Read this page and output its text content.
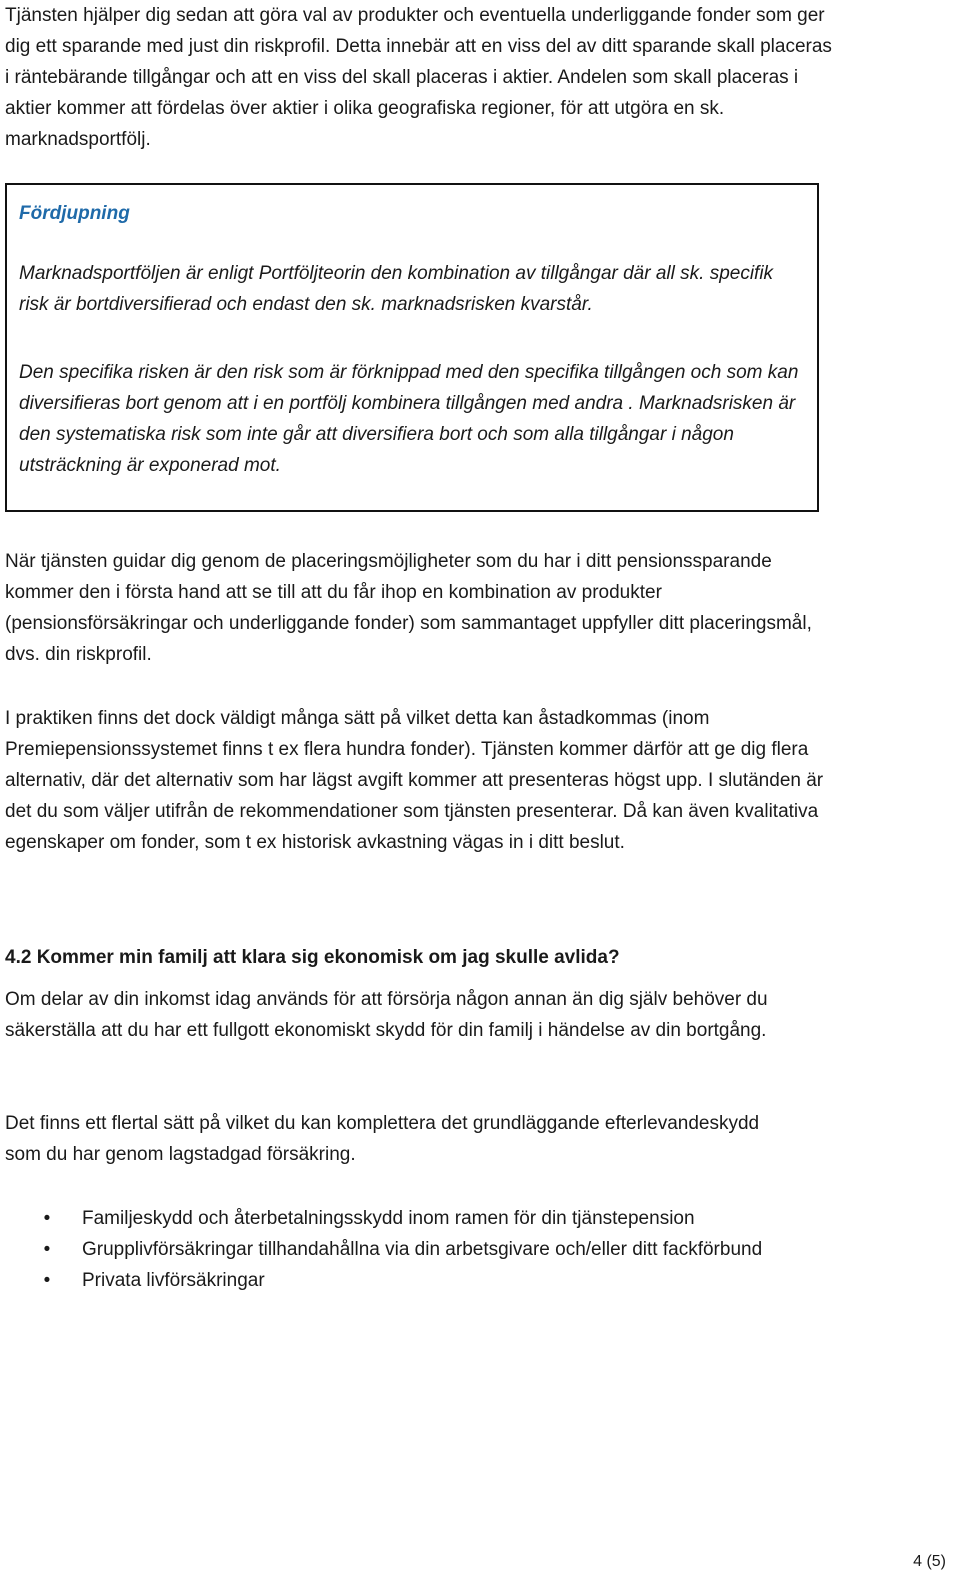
Tjänsten hjälper dig sedan att göra val av produkter och eventuella underliggande fonder som ger dig ett sparande med just din riskprofil. Detta innebär att en viss del av ditt sparande skall placeras i räntebärande tillgångar och att en viss del skall placeras i aktier. Andelen som skall placeras i aktier kommer att fördelas över aktier i olika geografiska regioner, för att utgöra en sk. marknadsportfölj.

Fördjupning

Marknadsportföljen är enligt Portföljteorin den kombination av tillgångar där all sk. specifik risk är bortdiversifierad och endast den sk. marknadsrisken kvarstår.

Den specifika risken är den risk som är förknippad med den specifika tillgången och som kan diversifieras bort genom att i en portfölj kombinera tillgången med andra . Marknadsrisken är den systematiska risk som inte går att diversifiera bort och som alla tillgångar i någon utsträckning är exponerad mot.

När tjänsten guidar dig genom de placeringsmöjligheter som du har i ditt pensionssparande kommer den i första hand att se till att du får ihop en kombination av produkter (pensionsförsäkringar och underliggande fonder) som sammantaget uppfyller ditt placeringsmål, dvs. din riskprofil.

I praktiken finns det dock väldigt många sätt på vilket detta kan åstadkommas (inom Premiepensionssystemet finns t ex flera hundra fonder). Tjänsten kommer därför att ge dig flera alternativ, där det alternativ som har lägst avgift kommer att presenteras högst upp. I slutänden är det du som väljer utifrån de rekommendationer som tjänsten presenterar. Då kan även kvalitativa egenskaper om fonder, som t ex historisk avkastning vägas in i ditt beslut.

4.2 Kommer min familj att klara sig ekonomisk om jag skulle avlida?

Om delar av din inkomst idag används för att försörja någon annan än dig själv behöver du säkerställa att du har ett fullgott ekonomiskt skydd för din familj i händelse av din bortgång.

Det finns ett flertal sätt på vilket du kan komplettera det grundläggande efterlevandeskydd som du har genom lagstadgad försäkring.

• Familjeskydd och återbetalningsskydd inom ramen för din tjänstepension
• Grupplivförsäkringar tillhandahållna via din arbetsgivare och/eller ditt fackförbund
• Privata livförsäkringar
4 (5)
